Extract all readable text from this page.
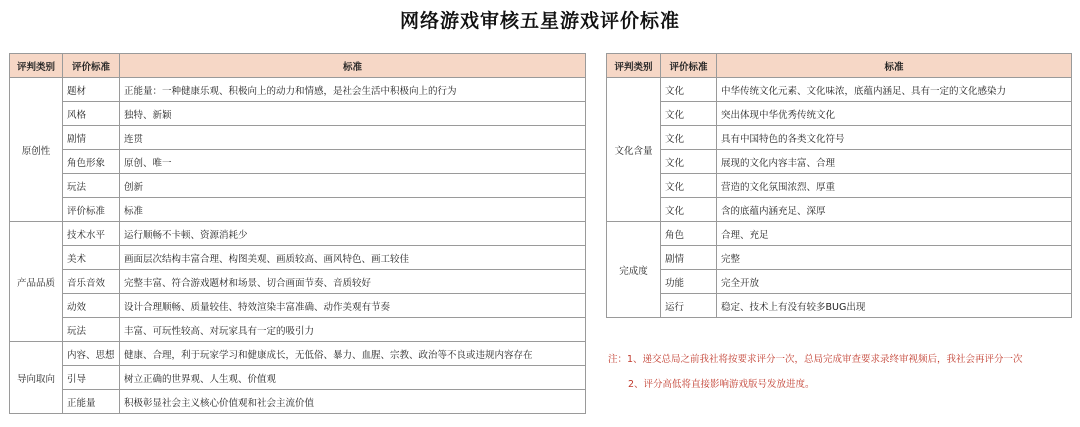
网络游戏审核五星游戏评价标准
评判类别	评价标准	标准
原创性	题材	正能量：一种健康乐观、积极向上的动力和情感，是社会生活中积极向上的行为
	风格	独特、新颖
	剧情	连贯
	角色形象	原创、唯一
	玩法	创新
	评价标准	标准
产品品质	技术水平	运行顺畅不卡顿、资源消耗少
	美术	画面层次结构丰富合理、构图美观、画质较高、画风特色、画工较佳
	音乐音效	完整丰富、符合游戏题材和场景、切合画面节奏、音质较好
	动效	设计合理顺畅、质量较佳、特效渲染丰富准确、动作美观有节奏
	玩法	丰富、可玩性较高、对玩家具有一定的吸引力
导向取向	内容、思想	健康、合理，利于玩家学习和健康成长，无低俗、暴力、血腥、宗教、政治等不良或违规内容存在
	引导	树立正确的世界观、人生观、价值观
	正能量	积极彰显社会主义核心价值观和社会主流价值
评判类别	评价标准	标准
文化含量	文化	中华传统文化元素、文化味浓，底蕴内涵足、具有一定的文化感染力
	文化	突出体现中华优秀传统文化
	文化	具有中国特色的各类文化符号
	文化	展现的文化内容丰富、合理
	文化	营造的文化氛围浓烈、厚重
	文化	含的底蕴内涵充足、深厚
完成度	角色	合理、充足
	剧情	完整
	功能	完全开放
	运行	稳定、技术上有没有较多BUG出现
注：1、递交总局之前我社将按要求评分一次，总局完成审查要求录终审视频后，我社会再评分一次
2、评分高低将直接影响游戏版号发放进度。
